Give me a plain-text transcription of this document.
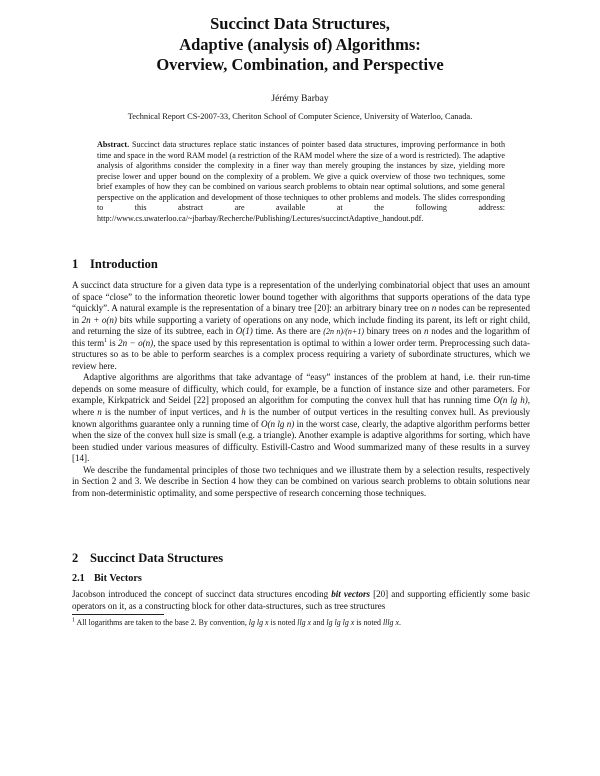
Succinct Data Structures,
Adaptive (analysis of) Algorithms:
Overview, Combination, and Perspective
Jérémy Barbay
Technical Report CS-2007-33, Cheriton School of Computer Science, University of Waterloo, Canada.
Abstract. Succinct data structures replace static instances of pointer based data structures, improving performance in both time and space in the word RAM model (a restriction of the RAM model where the size of a word is restricted). The adaptive analysis of algorithms consider the complexity in a finer way than merely grouping the instances by size, yielding more precise lower and upper bound on the complexity of a problem. We give a quick overview of those two techniques, some brief examples of how they can be combined on various search problems to obtain near optimal solutions, and some general perspective on the application and development of those techniques to other problems and models. The slides corresponding to this abstract are available at the following address: http://www.cs.uwaterloo.ca/~jbarbay/Recherche/Publishing/Lectures/succinctAdaptive_handout.pdf.
1 Introduction

A succinct data structure for a given data type is a representation of the underlying combinatorial object that uses an amount of space “close” to the information theoretic lower bound together with algorithms that supports operations of the data type “quickly”. A natural example is the representation of a binary tree [20]: an arbitrary binary tree on n nodes can be represented in 2n + o(n) bits while supporting a variety of operations on any node, which include finding its parent, its left or right child, and returning the size of its subtree, each in O(1) time. As there are (2n n)/(n+1) binary trees on n nodes and the logarithm of this term$^1$ is 2n − o(n), the space used by this representation is optimal to within a lower order term. Preprocessing such data-structures so as to be able to perform searches is a complex process requiring a variety of subordinate structures, which we review here.

Adaptive algorithms are algorithms that take advantage of “easy” instances of the problem at hand, i.e. their run-time depends on some measure of difficulty, which could, for example, be a function of instance size and other parameters. For example, Kirkpatrick and Seidel [22] proposed an algorithm for computing the convex hull that has running time O(n lg h), where n is the number of input vertices, and h is the number of output vertices in the resulting convex hull. As previously known algorithms guarantee only a running time of O(n lg n) in the worst case, clearly, the adaptive algorithm performs better when the size of the convex hull size is small (e.g. a triangle). Another example is adaptive algorithms for sorting, which have been studied under various measures of difficulty. Estivill-Castro and Wood summarized many of these results in a survey [14].

We describe the fundamental principles of those two techniques and we illustrate them by a selection results, respectively in Section 2 and 3. We describe in Section 4 how they can be combined on various search problems to obtain solutions near from non-deterministic optimality, and some perspective of research concerning those techniques.

2 Succinct Data Structures
2.1 Bit Vectors

Jacobson introduced the concept of succinct data structures encoding bit vectors [20] and supporting efficiently some basic operators on it, as a constructing block for other data-structures, such as tree structures

$^1$ All logarithms are taken to the base 2. By convention, lg lg x is noted llg x and lg lg lg x is noted lllg x.
